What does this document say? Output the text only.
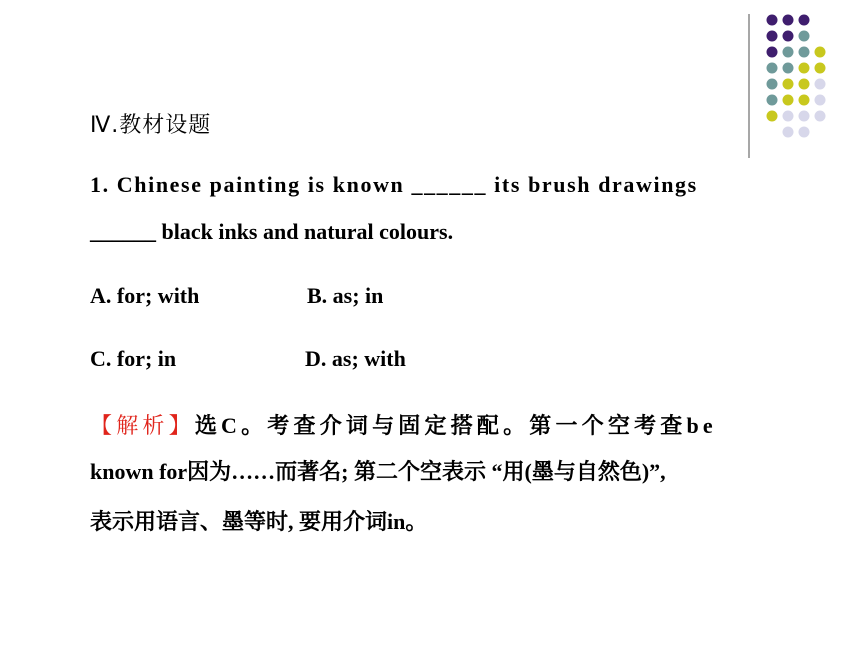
Ⅳ.教材设题
1. Chinese painting is known ______ its brush drawings
______ black inks and natural colours.
A. for; with	B. as; in
C. for; in	D. as; with
【解析】选C。考查介词与固定搭配。第一个空考查be
known for因为……而著名; 第二个空表示 “用(墨与自然色)”,
表示用语言、墨等时, 要用介词in。
